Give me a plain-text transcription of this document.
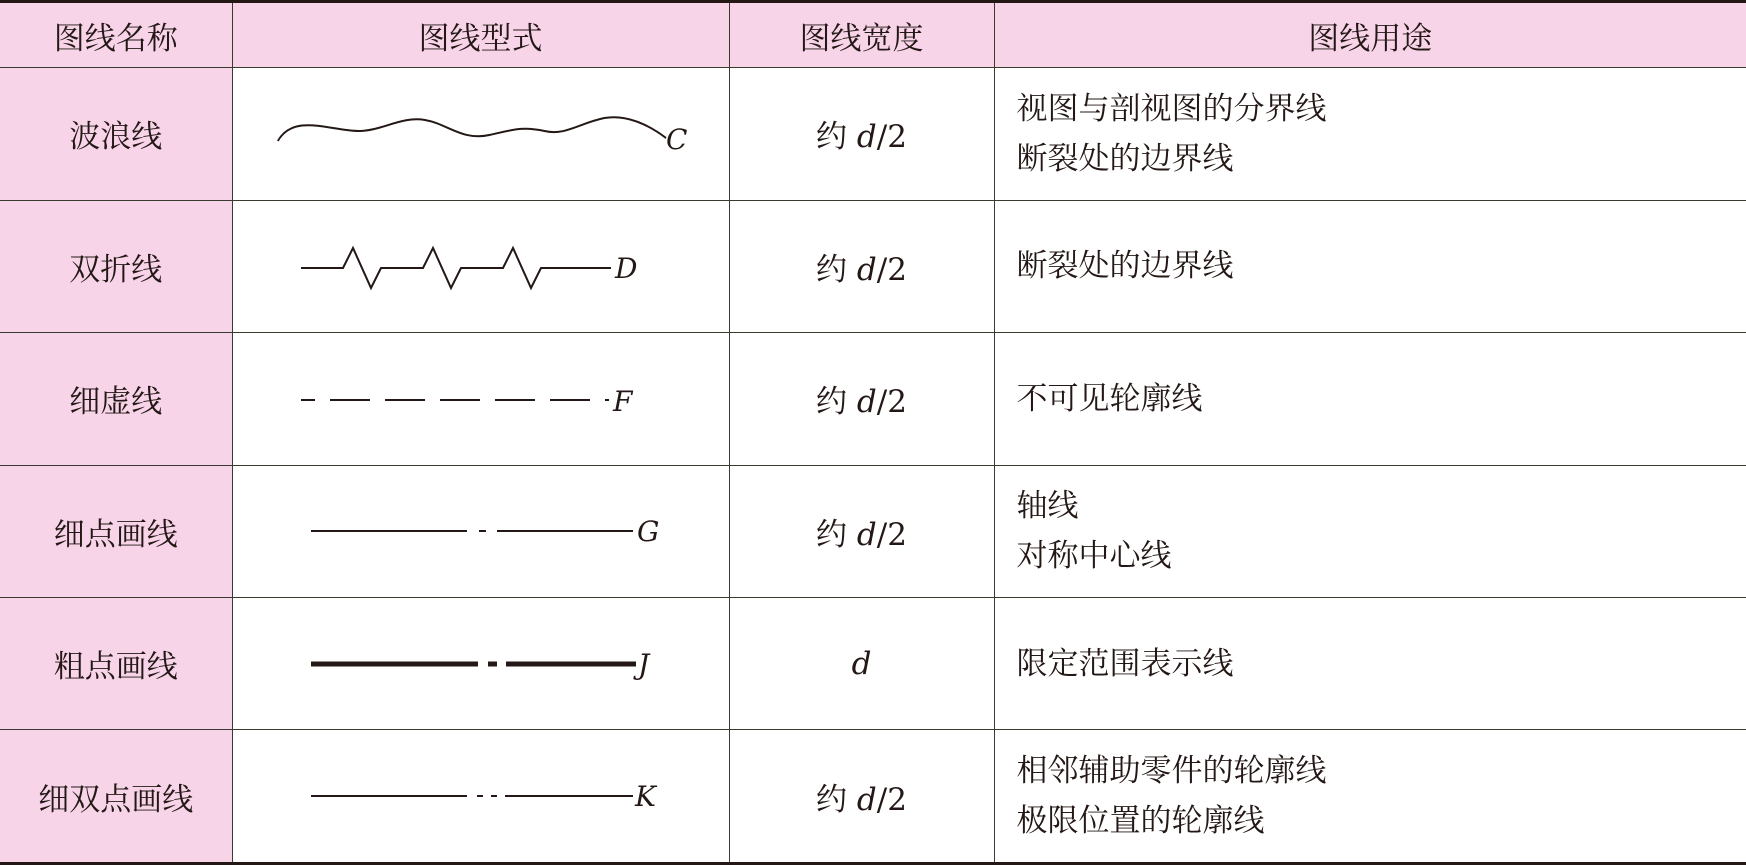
图线名称	图线型式	图线宽度	图线用途
波浪线	C	约 d/2	视图与剖视图的分界线
断裂处的边界线

双折线	D	约 d/2	断裂处的边界线

细虚线	F	约 d/2	不可见轮廓线

细点画线	G	约 d/2	轴线
对称中心线

粗点画线	J	d	限定范围表示线

细双点画线	K	约 d/2	相邻辅助零件的轮廓线
极限位置的轮廓线
